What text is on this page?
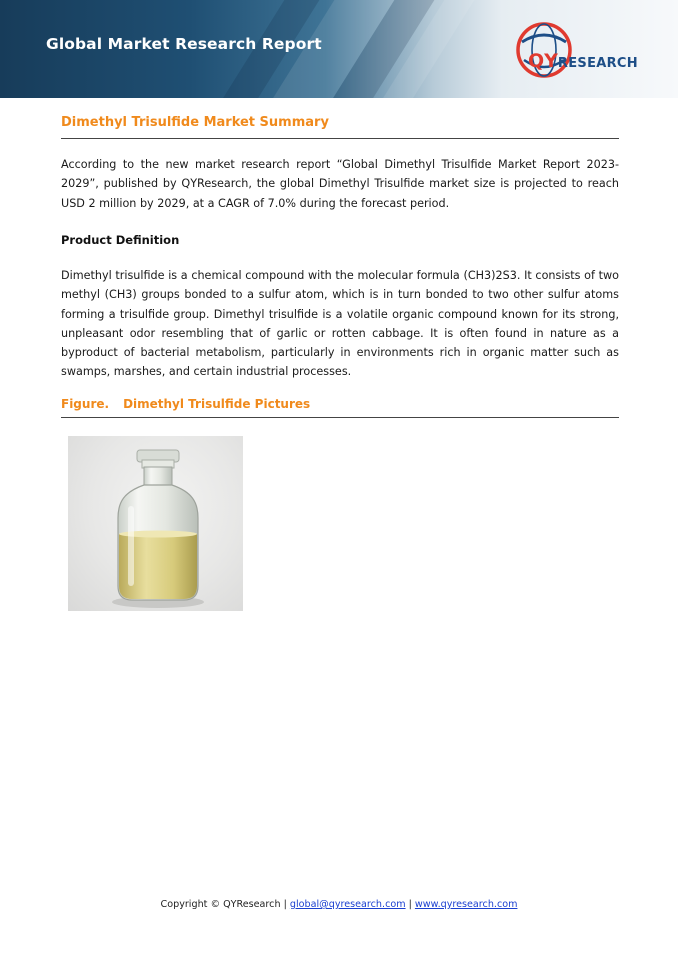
Global Market Research Report
QYRESEARCH
Dimethyl Trisulfide Market Summary

According to the new market research report “Global Dimethyl Trisulfide Market Report 2023-2029”, published by QYResearch, the global Dimethyl Trisulfide market size is projected to reach USD 2 million by 2029, at a CAGR of 7.0% during the forecast period.

Product Definition

Dimethyl trisulfide is a chemical compound with the molecular formula (CH3)2S3. It consists of two methyl (CH3) groups bonded to a sulfur atom, which is in turn bonded to two other sulfur atoms forming a trisulfide group. Dimethyl trisulfide is a volatile organic compound known for its strong, unpleasant odor resembling that of garlic or rotten cabbage. It is often found in nature as a byproduct of bacterial metabolism, particularly in environments rich in organic matter such as swamps, marshes, and certain industrial processes.

Figure. Dimethyl Trisulfide Pictures
Copyright © QYResearch | global@qyresearch.com | www.qyresearch.com
